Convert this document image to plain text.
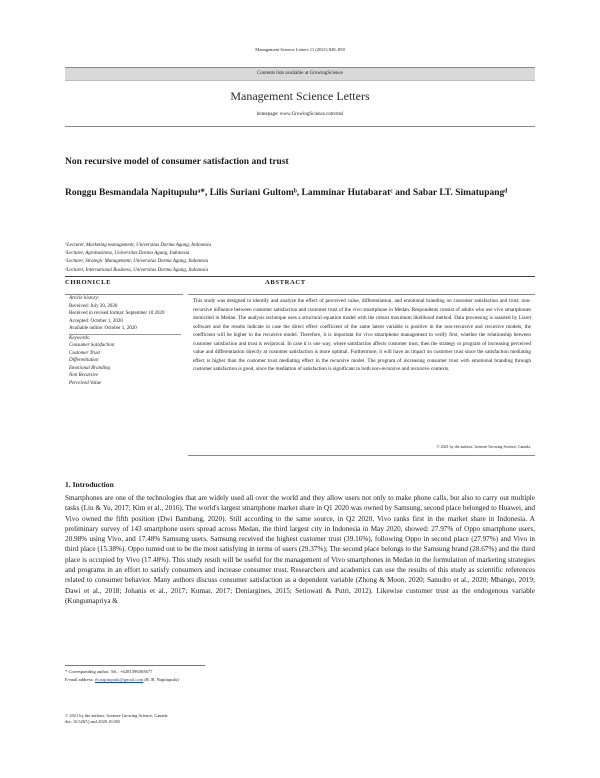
Management Science Letters 11 (2021) 849–858
Contents lists available at GrowingScience
Management Science Letters
homepage: www.GrowingScience.com/msl
Non recursive model of consumer satisfaction and trust
Ronggu Besmandala Napitupuluᵃ*, Lilis Suriani Gultomᵇ, Lamminar Hutabaratᶜ and Sabar LT. Simatupangᵈ
ᵃLecturer, Marketing management, Universitas Darma Agung, Indonesia
ᵇLecturer, Agrobusiness, Universitas Darma Agung, Indonesia
ᶜLecturer, Strategic Management, Universitas Darma Agung, Indonesia
ᵈLecturer, International Business, Universitas Darma Agung, Indonesia
CHRONICLE	ABSTRACT
Article history:
Received: July 20, 2020
Received in revised format: September 10 2020
Accepted: October 1, 2020
Available online: October 1, 2020
Keywords:
Consumer Satisfaction
Customer Trust
Differentiation
Emotional Branding
Non Recursive
Perceived Value
This study was designed to identify and analyze the effect of perceived value, differentiation, and emotional branding on customer satisfaction and trust; non-recursive influence between customer satisfaction and customer trust of the vivo smartphone in Medan. Respondents consist of adults who use vivo smartphones domiciled in Medan. The analysis technique uses a structural equation model with the robust maximum likelihood method. Data processing is assisted by Lisrel software and the results indicate in case the direct effect coefficient of the same latent variable is positive in the non-recursive and recursive models, the coefficient will be higher in the recursive model. Therefore, it is important for vivo smartphone management to verify first, whether the relationship between customer satisfaction and trust is reciprocal. In case it is one way, where satisfaction affects customer trust, then the strategy or program of increasing perceived value and differentiation directly at customer satisfaction is more optimal. Furthermore, it will have an impact on customer trust since the satisfaction mediating effect is higher than the customer trust mediating effect in the recursive model. The program of increasing consumer trust with emotional branding through customer satisfaction is good, since the mediation of satisfaction is significant in both non-recursive and recursive contexts.
© 2021 by the authors; licensee Growing Science, Canada.
1. Introduction
Smartphones are one of the technologies that are widely used all over the world and they allow users not only to make phone calls, but also to carry out multiple tasks (Liu & Yu, 2017; Kim et al., 2016). The world's largest smartphone market share in Q1 2020 was owned by Samsung, second place belonged to Huawei, and Vivo owned the fifth position (Dwi Bambang, 2020). Still according to the same source, in Q2 2020, Vivo ranks first in the market share in Indonesia. A preliminary survey of 143 smartphone users spread across Medan, the third largest city in Indonesia in May 2020, showed: 27.97% of Oppo smartphone users, 20.98% using Vivo, and 17.48% Samsung users. Samsung received the highest customer trust (39.16%), following Oppo in second place (27.97%) and Vivo in third place (15.38%). Oppo turned out to be the most satisfying in terms of users (29.37%); The second place belongs to the Samsung brand (28.67%) and the third place is occupied by Vivo (17.48%). This study result will be useful for the management of Vivo smartphones in Medan in the formulation of marketing strategies and programs in an effort to satisfy consumers and increase consumer trust. Researchers and academics can use the results of this study as scientific references related to consumer behavior. Many authors discuss consumer satisfaction as a dependent variable (Zhong & Moon, 2020; Sanudro et al., 2020; Mbango, 2019; Dawi et al., 2018; Johanis et al., 2017; Kumar, 2017; Deniargines, 2015; Setiowati & Putri, 2012). Likewise customer trust as the endogenous variable (Kungumapriya &
* Corresponding author. Tel.: +6281396565677
E-mail address: rb.napitupulu@gmail.com (R. B. Napitupulu)
© 2021 by the authors; licensee Growing Science, Canada
doi: 10.5267/j.msl.2020.10.002
